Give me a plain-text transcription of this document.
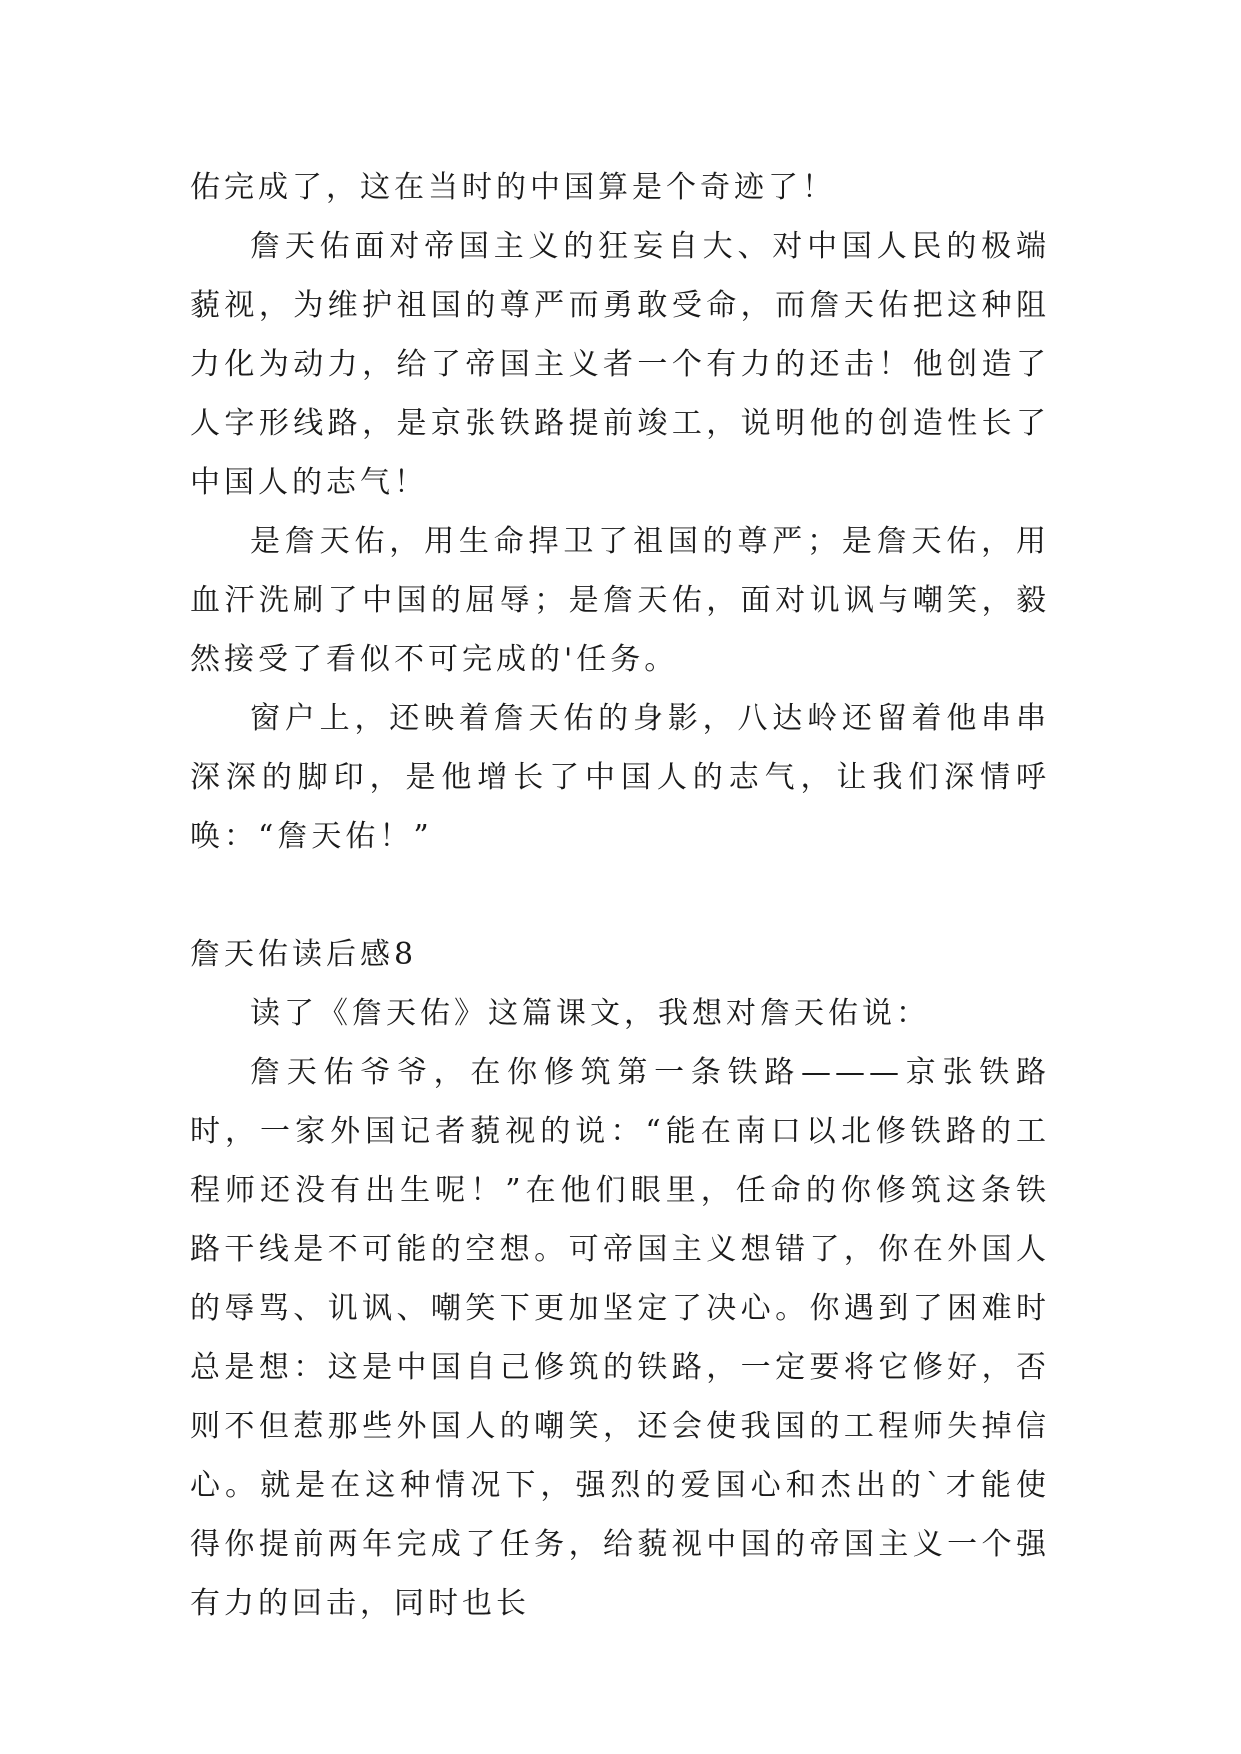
佑完成了，这在当时的中国算是个奇迹了！

詹天佑面对帝国主义的狂妄自大、对中国人民的极端藐视，为维护祖国的尊严而勇敢受命，而詹天佑把这种阻力化为动力，给了帝国主义者一个有力的还击！他创造了人字形线路，是京张铁路提前竣工，说明他的创造性长了中国人的志气！

是詹天佑，用生命捍卫了祖国的尊严；是詹天佑，用血汗洗刷了中国的屈辱；是詹天佑，面对讥讽与嘲笑，毅然接受了看似不可完成的'任务。

窗户上，还映着詹天佑的身影，八达岭还留着他串串深深的脚印，是他增长了中国人的志气，让我们深情呼唤：“詹天佑！”

詹天佑读后感8

读了《詹天佑》这篇课文，我想对詹天佑说：

詹天佑爷爷，在你修筑第一条铁路———京张铁路时，一家外国记者藐视的说：“能在南口以北修铁路的工程师还没有出生呢！”在他们眼里，任命的你修筑这条铁路干线是不可能的空想。可帝国主义想错了，你在外国人的辱骂、讥讽、嘲笑下更加坚定了决心。你遇到了困难时总是想：这是中国自己修筑的铁路，一定要将它修好，否则不但惹那些外国人的嘲笑，还会使我国的工程师失掉信心。就是在这种情况下，强烈的爱国心和杰出的`才能使得你提前两年完成了任务，给藐视中国的帝国主义一个强有力的回击，同时也长
